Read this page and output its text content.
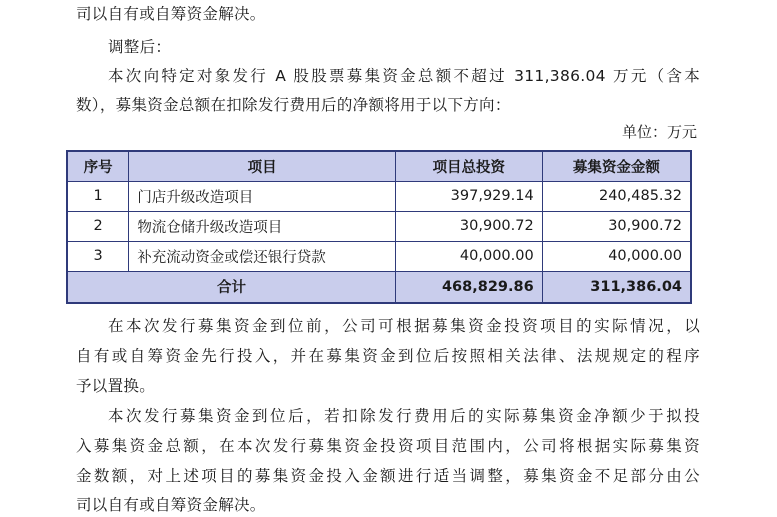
司以自有或自筹资金解决。
调整后：
本次向特定对象发行 A 股股票募集资金总额不超过 311,386.04 万元（含本
数），募集资金总额在扣除发行费用后的净额将用于以下方向：
单位：万元
序号	项目	项目总投资	募集资金金额
1	门店升级改造项目	397,929.14	240,485.32
2	物流仓储升级改造项目	30,900.72	30,900.72
3	补充流动资金或偿还银行贷款	40,000.00	40,000.00
合计		468,829.86	311,386.04
在本次发行募集资金到位前，公司可根据募集资金投资项目的实际情况，以
自有或自筹资金先行投入，并在募集资金到位后按照相关法律、法规规定的程序
予以置换。
本次发行募集资金到位后，若扣除发行费用后的实际募集资金净额少于拟投
入募集资金总额，在本次发行募集资金投资项目范围内，公司将根据实际募集资
金数额，对上述项目的募集资金投入金额进行适当调整，募集资金不足部分由公
司以自有或自筹资金解决。
